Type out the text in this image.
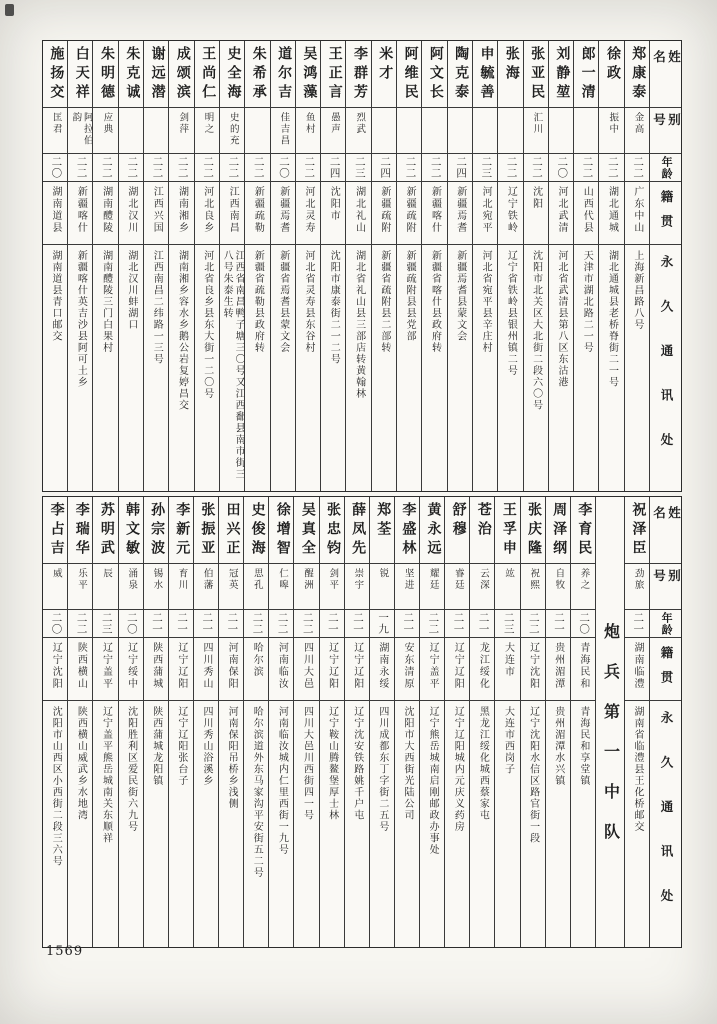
姓名
别号
年龄
籍贯
永久通讯处
郑康泰
金高
二二
广东中山
上海新昌路八号
徐政
振中
二二
湖北通城
湖北通城县老桥脊街二一号
郎一清
二二
山西代县
天津市湖北路二一号
刘静堃
二〇
河北武清
河北省武清县第八区东沽港
张亚民
汇川
二二
沈阳
沈阳市北关区大北街二段六〇号
张海
二二
辽宁铁岭
辽宁省铁岭县银州镇二号
申毓善
二三
河北宛平
河北省宛平县辛庄村
陶克泰
二四
新疆焉耆
新疆焉耆县蒙文会
阿文长
二二
新疆喀什
新疆省喀什县政府转
阿维民
二二
新疆疏附
新疆疏附县县党部
米才
二四
新疆疏附
新疆省疏附县二部转
李群芳
烈武
二三
湖北礼山
湖北省礼山县三部店转黄翰林
王正言
愚声
二四
沈阳市
沈阳市康泰街二一二号
吴鸿藻
鱼村
二二
河北灵寿
河北省灵寿县东谷村
道尔吉
佳吉昌
二〇
新疆焉耆
新疆省焉耆县蒙文会
朱希承
二二
新疆疏勒
新疆省疏勒县政府转
史全海
史的充
二二
江西南昌
江西省南昌鸭子塘三〇号又江西鄱县南市街三八号朱泰生转
王尚仁
明之
二二
河北良乡
河北省良乡县东大街一二〇号
成颂滨
剑萍
二二
湖南湘乡
湖南湘乡容水乡鹅公岩复婷昌交
谢远潜
二二
江西兴国
江西南昌二纬路一三号
朱克诚
二二
湖北汉川
湖北汉川蚌湖口
朱明德
应典
二二
湖南醴陵
湖南醴陵三门白果村
白天祥
阿拉伯韵
二二
新疆喀什
新疆喀什英吉沙县阿可土乡
施扬交
匡君
二〇
湖南道县
湖南道县青口邮交
姓名
别号
年龄
籍贯
永久通讯处
祝泽臣
劲旅
二一
湖南临澧
湖南省临澧县王化桥邮交
炮兵第一中队
李育民
养之
二〇
青海民和
青海民和享堂镇
周泽纲
自牧
二一
贵州湄潭
贵州湄潭水兴镇
张庆隆
祝熙
二二
辽宁沈阳
辽宁沈阳水信区路官街一段
王孚申
竑
二三
大连市
大连市西岗子
苍治
云深
二一
龙江绥化
黑龙江绥化城西蔡家屯
舒穆
睿廷
二一
辽宁辽阳
辽宁辽阳城内元庆义药房
黄永远
耀廷
二二
辽宁盖平
辽宁熊岳城南启刚邮政办事处
李盛林
坚进
二一
安东清原
沈阳市大西街光陆公司
郑荃
锐
一九
湖南永绥
四川成都东丁字街二五号
薛凤先
崇宇
二一
辽宁辽阳
辽宁沈安铁路姚千户屯
张忠钧
剑平
二一
辽宁辽阳
辽宁鞍山腾鳌堡厚士林
吴真全
醒洲
二二
四川大邑
四川大邑川西街四一号
徐增智
仁嗥
二二
河南临汝
河南临汝城内仁里西街一九号
史俊海
思孔
二二
哈尔滨
哈尔滨道外东马家沟平安街五二号
田兴正
冠英
二一
河南保阳
河南保阳吊桥乡浅侧
张振亚
伯藩
二一
四川秀山
四川秀山浴溪乡
李新元
育川
二一
辽宁辽阳
辽宁辽阳张台子
孙宗波
锡水
二一
陕西蒲城
陕西蒲城龙阳镇
韩文敏
涌泉
二〇
辽宁绥中
沈阳胜利区爱民街六九号
苏明武
辰
二三
辽宁盖平
辽宁盖平熊岳城南关东顺祥
李瑞华
乐平
二二
陕西横山
陕西横山威武乡水地湾
李占吉
威
二〇
辽宁沈阳
沈阳市山西区小西街二段三六号
1569
